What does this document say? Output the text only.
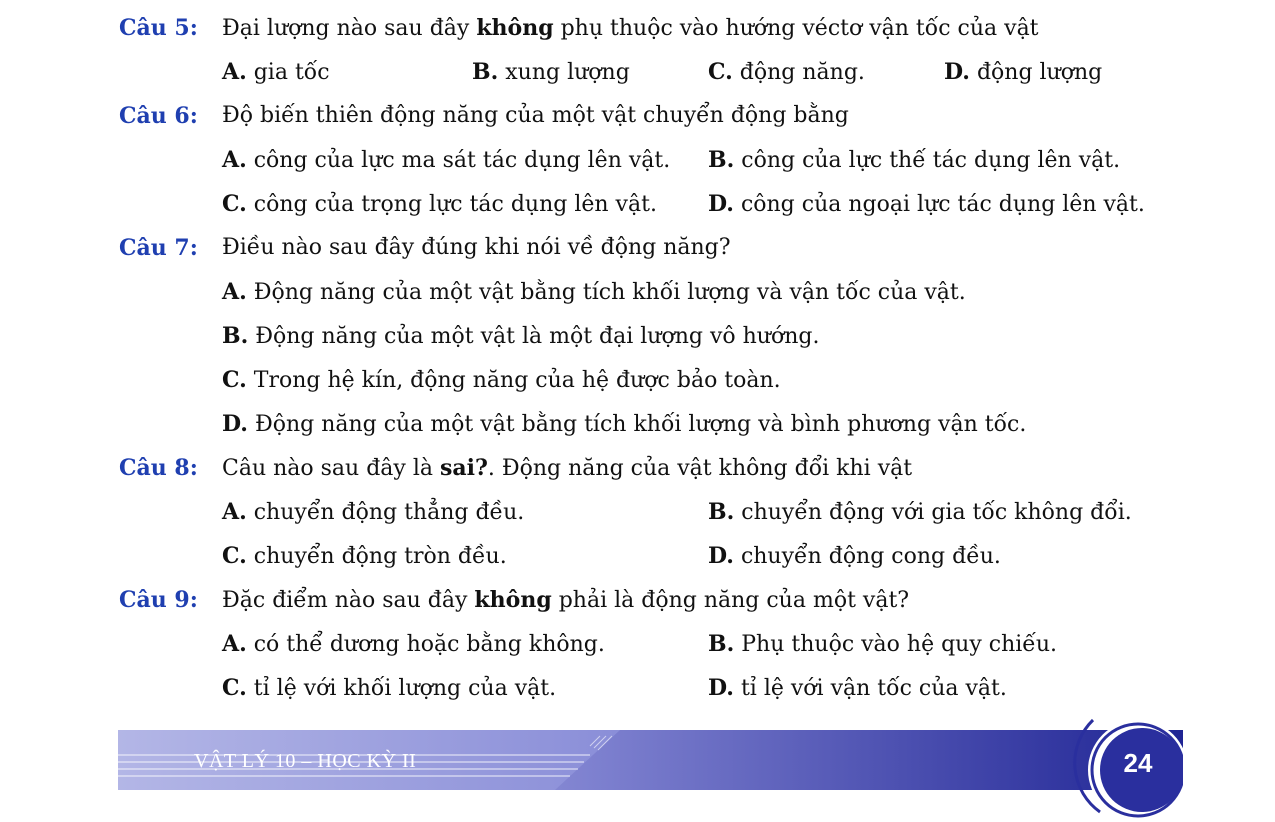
Câu 5: Đại lượng nào sau đây không phụ thuộc vào hướng véctơ vận tốc của vật
A. gia tốc	B. xung lượng	C. động năng.	D. động lượng
Câu 6: Độ biến thiên động năng của một vật chuyển động bằng
A. công của lực ma sát tác dụng lên vật. B. công của lực thế tác dụng lên vật.
C. công của trọng lực tác dụng lên vật. D. công của ngoại lực tác dụng lên vật.
Câu 7: Điều nào sau đây đúng khi nói về động năng?
A. Động năng của một vật bằng tích khối lượng và vận tốc của vật.
B. Động năng của một vật là một đại lượng vô hướng.
C. Trong hệ kín, động năng của hệ được bảo toàn.
D. Động năng của một vật bằng tích khối lượng và bình phương vận tốc.
Câu 8: Câu nào sau đây là sai?. Động năng của vật không đổi khi vật
A. chuyển động thẳng đều.	B. chuyển động với gia tốc không đổi.
C. chuyển động tròn đều.	D. chuyển động cong đều.
Câu 9: Đặc điểm nào sau đây không phải là động năng của một vật?
A. có thể dương hoặc bằng không.	B. Phụ thuộc vào hệ quy chiếu.
C. tỉ lệ với khối lượng của vật.	D. tỉ lệ với vận tốc của vật.
VẬT LÝ 10 – HỌC KỲ II	24
